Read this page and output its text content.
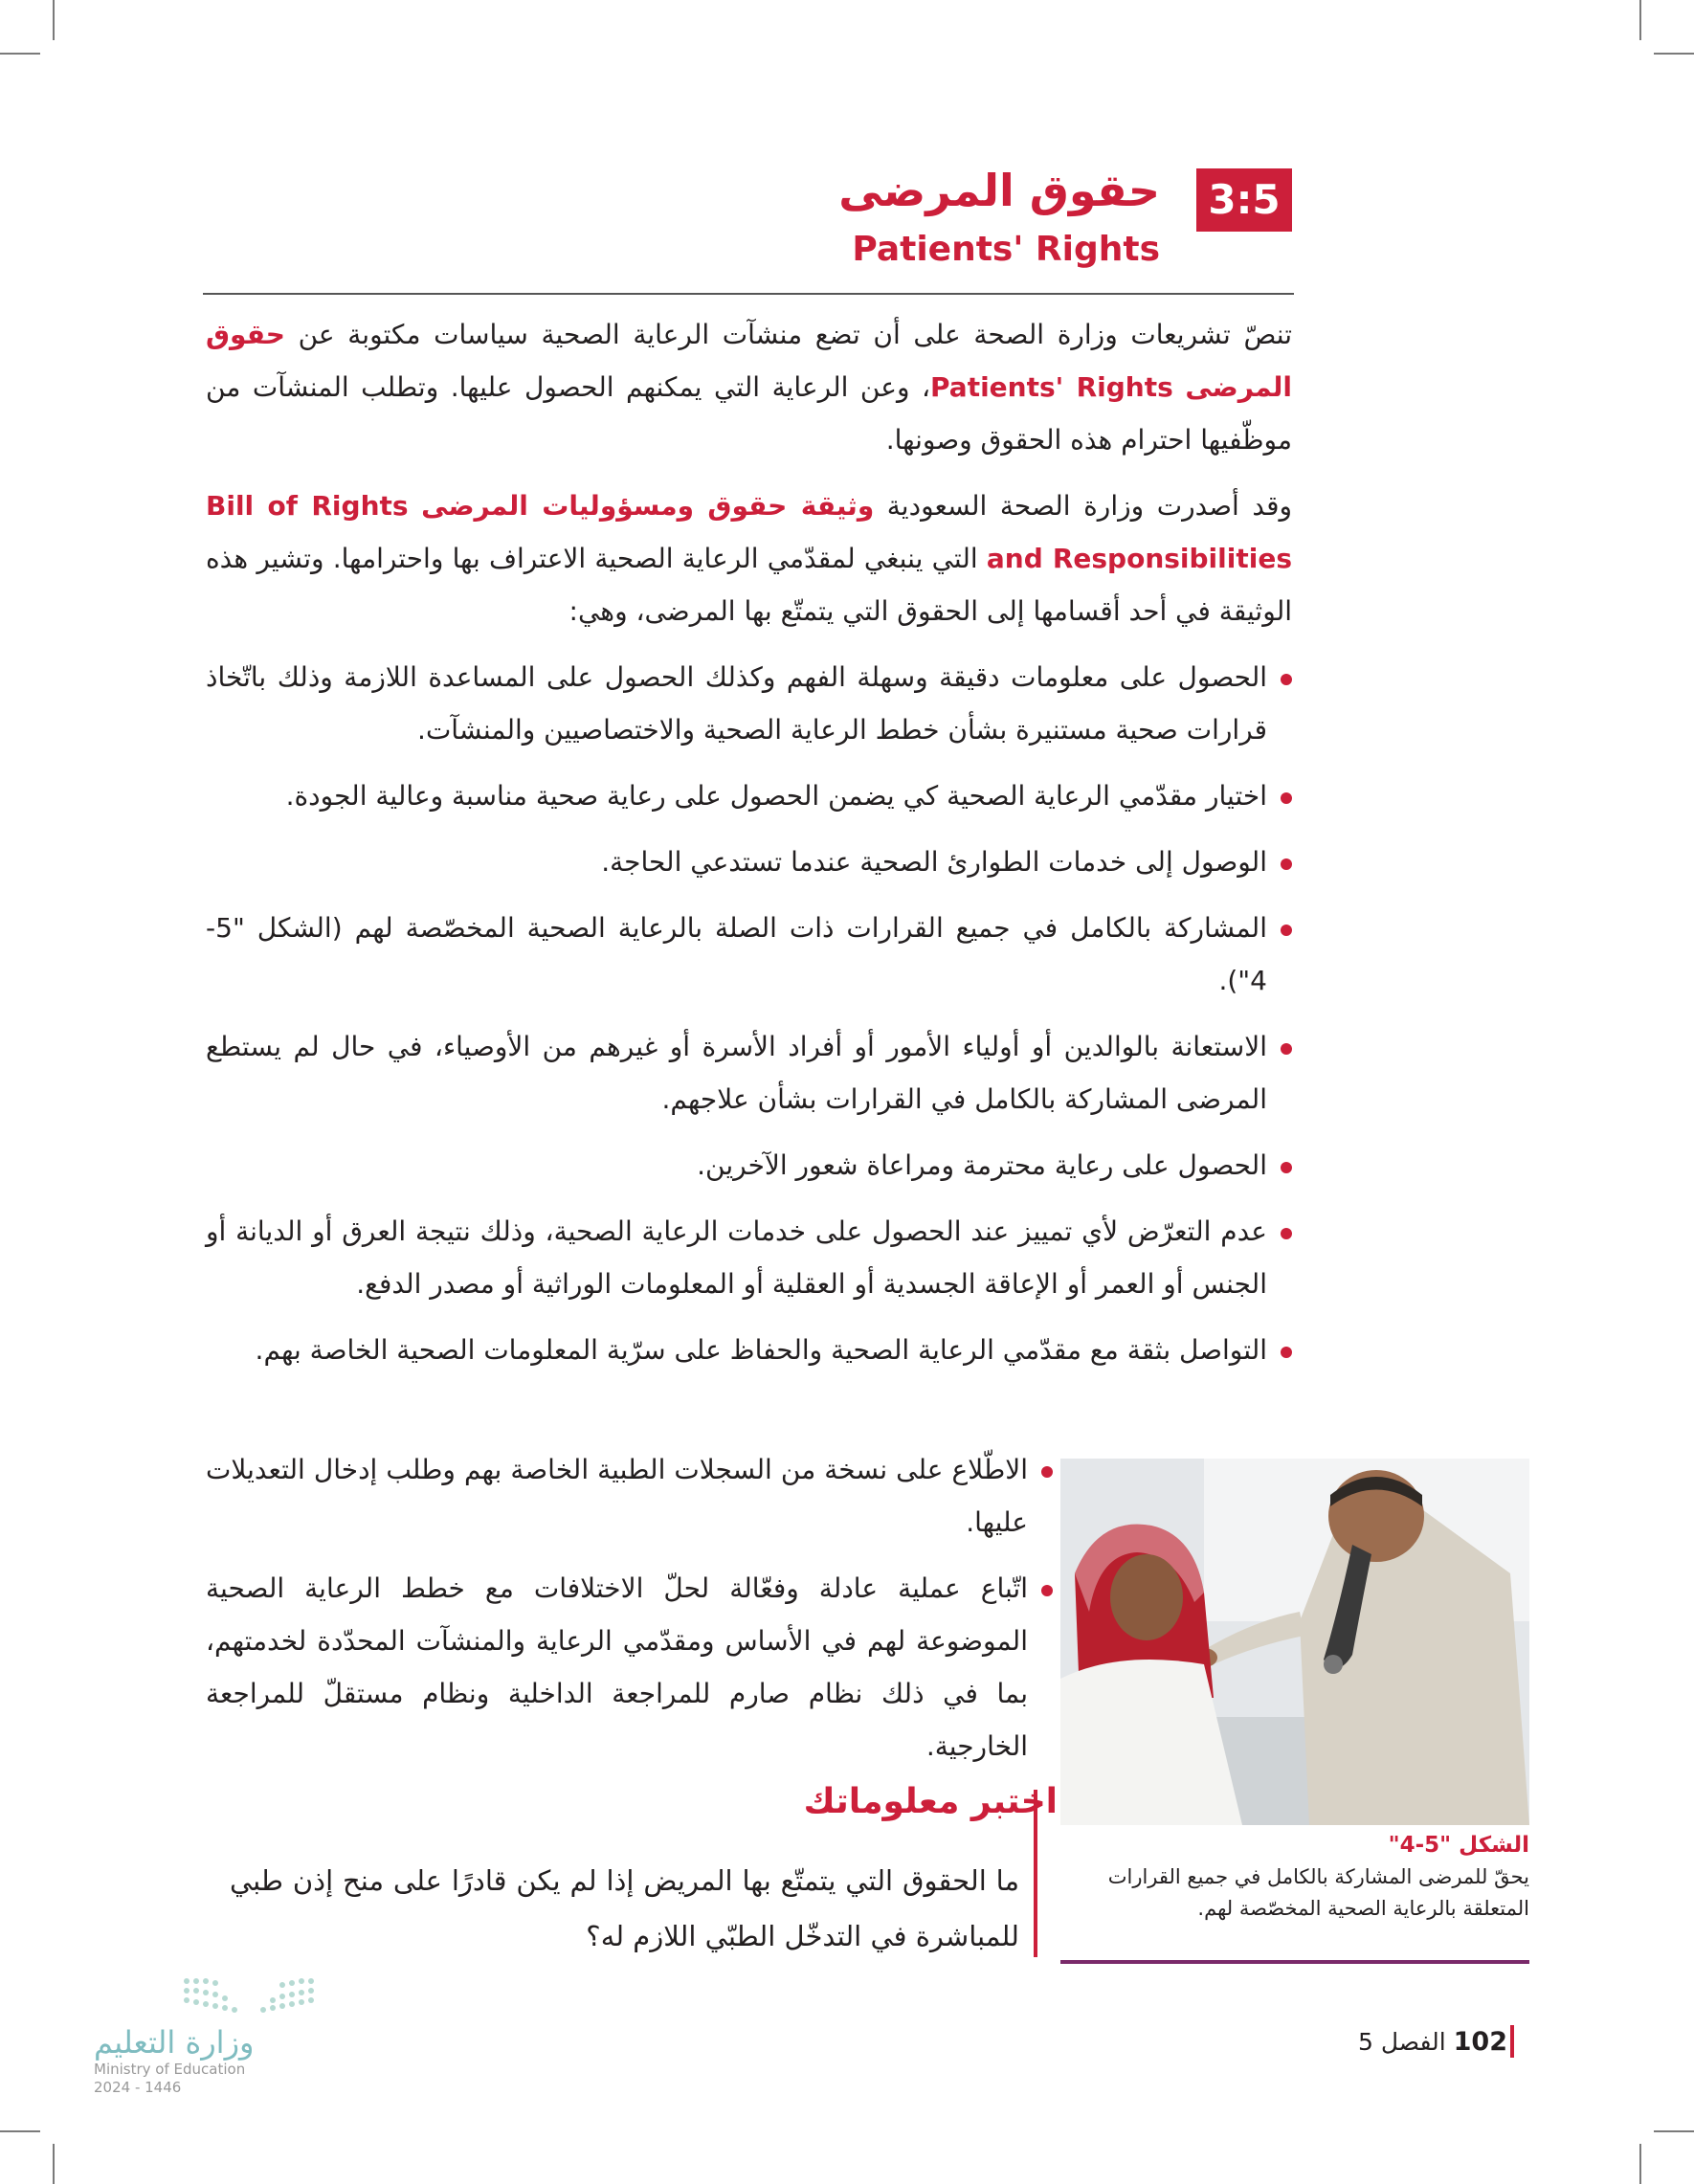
3:5
حقوق المرضى
Patients' Rights

تنصّ تشريعات وزارة الصحة على أن تضع منشآت الرعاية الصحية سياسات مكتوبة عن حقوق المرضى Patients' Rights، وعن الرعاية التي يمكنهم الحصول عليها. وتطلب المنشآت من موظّفيها احترام هذه الحقوق وصونها.

وقد أصدرت وزارة الصحة السعودية وثيقة حقوق ومسؤوليات المرضى Bill of Rights and Responsibilities التي ينبغي لمقدّمي الرعاية الصحية الاعتراف بها واحترامها. وتشير هذه الوثيقة في أحد أقسامها إلى الحقوق التي يتمتّع بها المرضى، وهي:

الحصول على معلومات دقيقة وسهلة الفهم وكذلك الحصول على المساعدة اللازمة وذلك باتّخاذ قرارات صحية مستنيرة بشأن خطط الرعاية الصحية والاختصاصيين والمنشآت.
اختيار مقدّمي الرعاية الصحية كي يضمن الحصول على رعاية صحية مناسبة وعالية الجودة.
الوصول إلى خدمات الطوارئ الصحية عندما تستدعي الحاجة.
المشاركة بالكامل في جميع القرارات ذات الصلة بالرعاية الصحية المخصّصة لهم (الشكل "5-4").
الاستعانة بالوالدين أو أولياء الأمور أو أفراد الأسرة أو غيرهم من الأوصياء، في حال لم يستطع المرضى المشاركة بالكامل في القرارات بشأن علاجهم.
الحصول على رعاية محترمة ومراعاة شعور الآخرين.
عدم التعرّض لأي تمييز عند الحصول على خدمات الرعاية الصحية، وذلك نتيجة العرق أو الديانة أو الجنس أو العمر أو الإعاقة الجسدية أو العقلية أو المعلومات الوراثية أو مصدر الدفع.
التواصل بثقة مع مقدّمي الرعاية الصحية والحفاظ على سرّية المعلومات الصحية الخاصة بهم.
الاطّلاع على نسخة من السجلات الطبية الخاصة بهم وطلب إدخال التعديلات عليها.
اتّباع عملية عادلة وفعّالة لحلّ الاختلافات مع خطط الرعاية الصحية الموضوعة لهم في الأساس ومقدّمي الرعاية والمنشآت المحدّدة لخدمتهم، بما في ذلك نظام صارم للمراجعة الداخلية ونظام مستقلّ للمراجعة الخارجية.
الشكل "5-4"
يحقّ للمرضى المشاركة بالكامل في جميع القرارات المتعلقة بالرعاية الصحية المخصّصة لهم.
اختبر معلوماتك
ما الحقوق التي يتمتّع بها المريض إذا لم يكن قادرًا على منح إذن طبي للمباشرة في التدخّل الطبّي اللازم له؟
102 الفصل 5
وزارة التعليم
Ministry of Education
2024 - 1446
